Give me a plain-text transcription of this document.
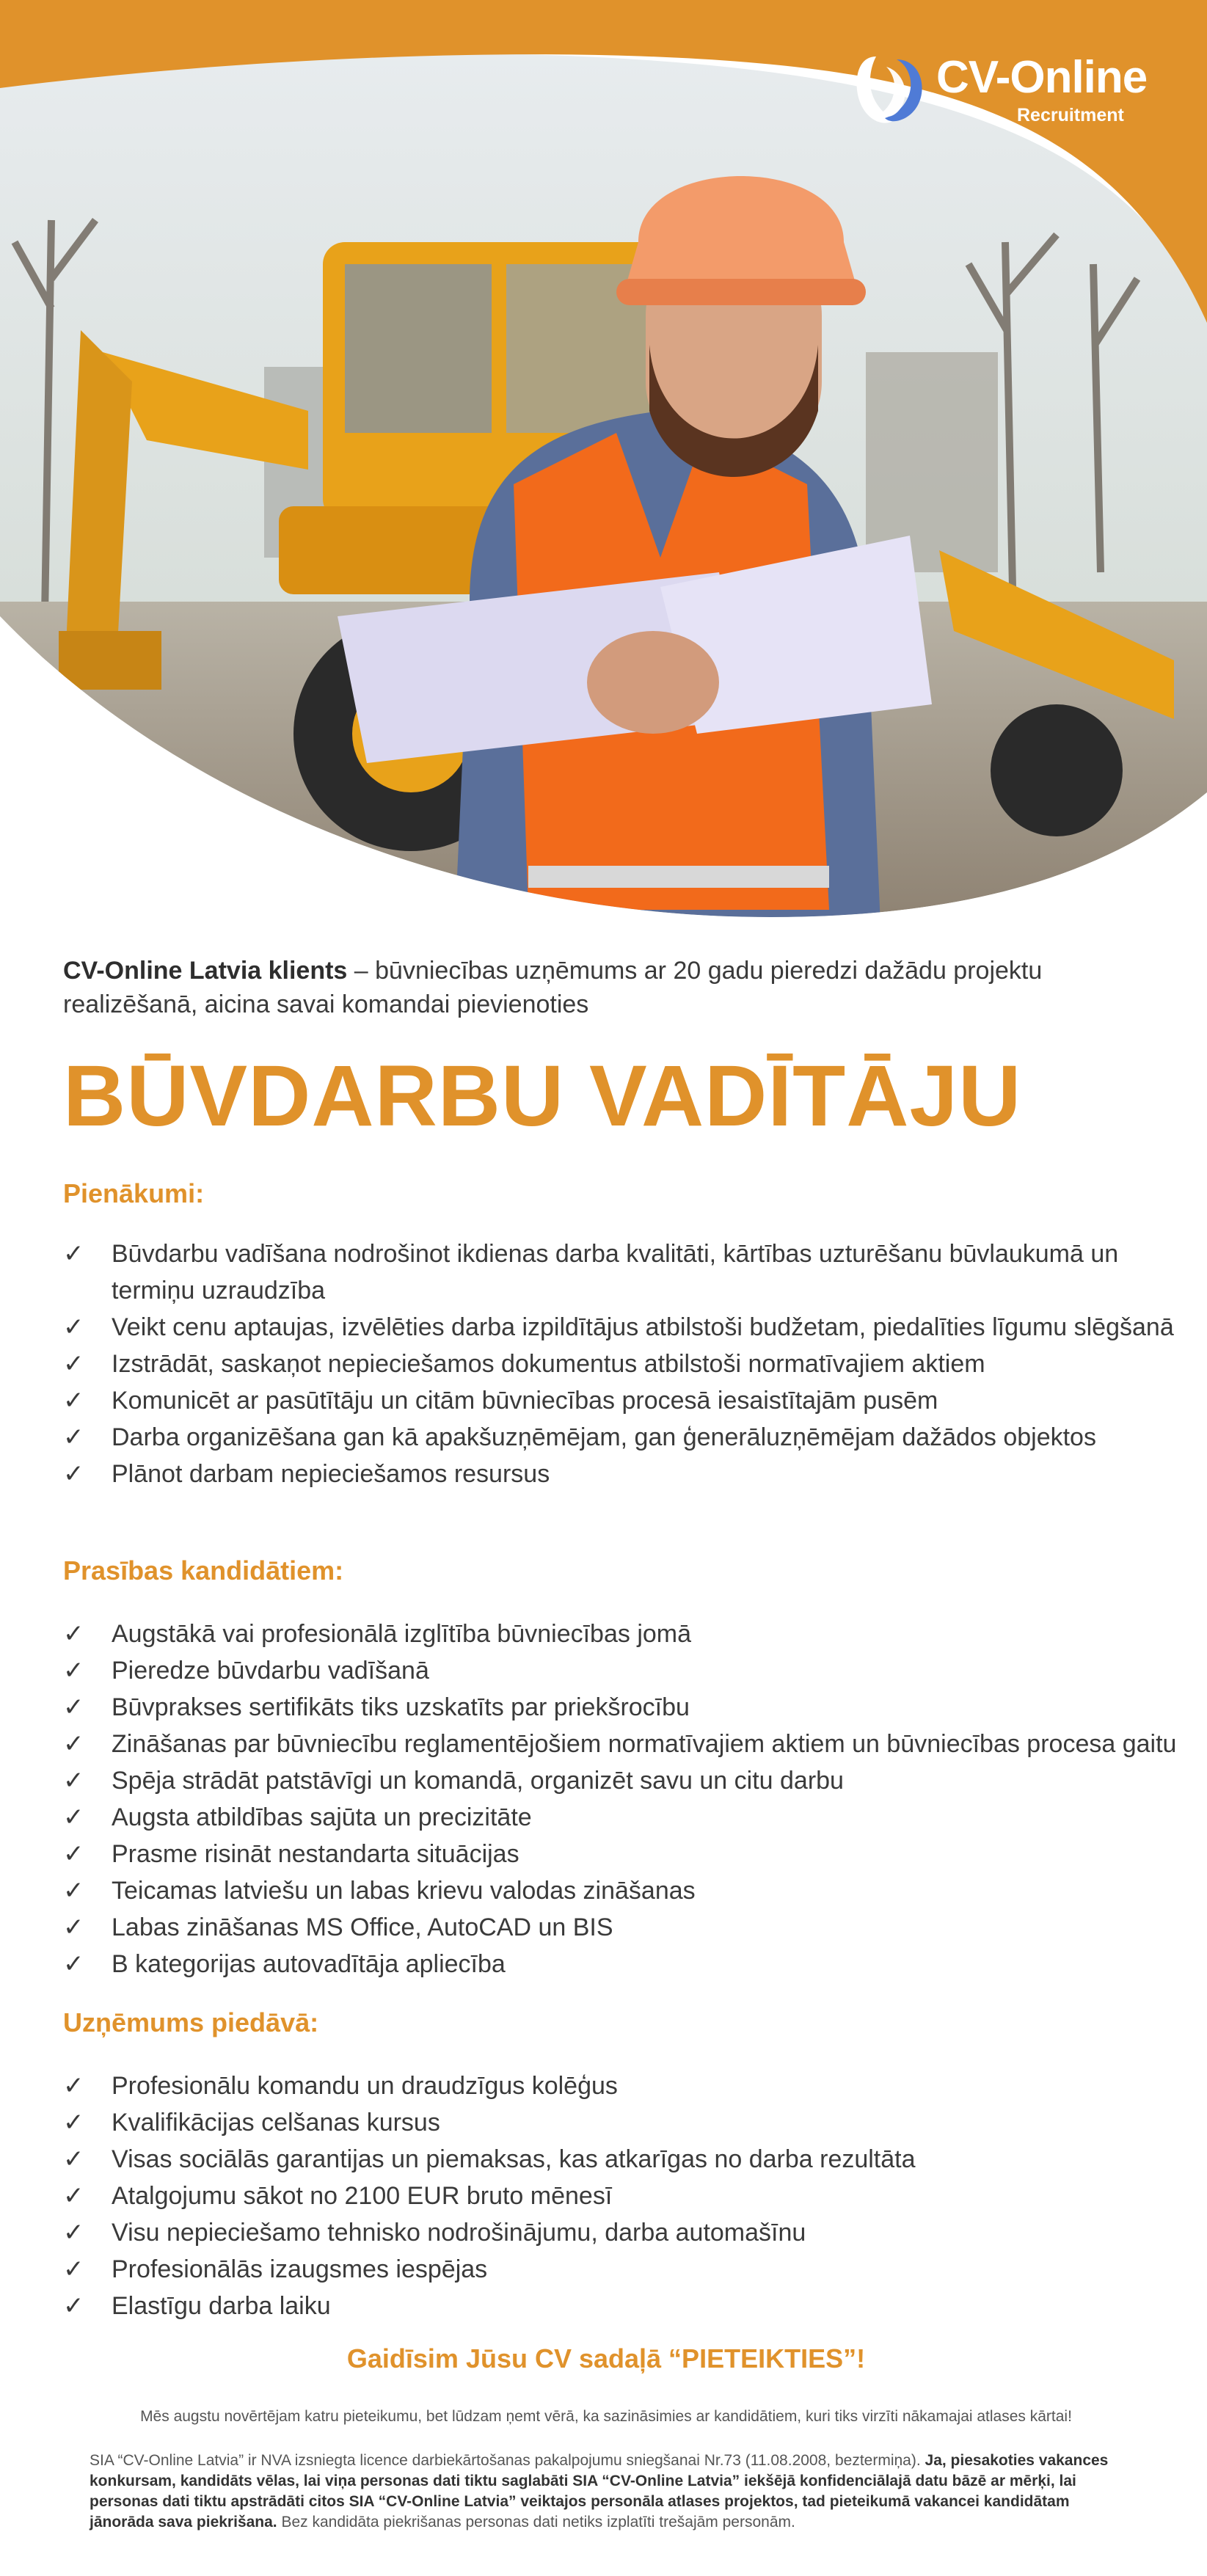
CV-Online
Recruitment

CV-Online Latvia klients – būvniecības uzņēmums ar 20 gadu pieredzi dažādu projektu realizēšanā, aicina savai komandai pievienoties

BŪVDARBU VADĪTĀJU
Pienākumi:
✓ Būvdarbu vadīšana nodrošinot ikdienas darba kvalitāti, kārtības uzturēšanu būvlaukumā un termiņu uzraudzība
✓ Veikt cenu aptaujas, izvēlēties darba izpildītājus atbilstoši budžetam, piedalīties līgumu slēgšanā
✓ Izstrādāt, saskaņot nepieciešamos dokumentus atbilstoši normatīvajiem aktiem
✓ Komunicēt ar pasūtītāju un citām būvniecības procesā iesaistītajām pusēm
✓ Darba organizēšana gan kā apakšuzņēmējam, gan ģenerāluzņēmējam dažādos objektos
✓ Plānot darbam nepieciešamos resursus
Prasības kandidātiem:
✓ Augstākā vai profesionālā izglītība būvniecības jomā
✓ Pieredze būvdarbu vadīšanā
✓ Būvprakses sertifikāts tiks uzskatīts par priekšrocību
✓ Zināšanas par būvniecību reglamentējošiem normatīvajiem aktiem un būvniecības procesa gaitu
✓ Spēja strādāt patstāvīgi un komandā, organizēt savu un citu darbu
✓ Augsta atbildības sajūta un precizitāte
✓ Prasme risināt nestandarta situācijas
✓ Teicamas latviešu un labas krievu valodas zināšanas
✓ Labas zināšanas MS Office, AutoCAD un BIS
✓ B kategorijas autovadītāja apliecība
Uzņēmums piedāvā:
✓ Profesionālu komandu un draudzīgus kolēģus
✓ Kvalifikācijas celšanas kursus
✓ Visas sociālās garantijas un piemaksas, kas atkarīgas no darba rezultāta
✓ Atalgojumu sākot no 2100 EUR bruto mēnesī
✓ Visu nepieciešamo tehnisko nodrošinājumu, darba automašīnu
✓ Profesionālās izaugsmes iespējas
✓ Elastīgu darba laiku

Gaidīsim Jūsu CV sadaļā “PIETEIKTIES”!

Mēs augstu novērtējam katru pieteikumu, bet lūdzam ņemt vērā, ka sazināsimies ar kandidātiem, kuri tiks virzīti nākamajai atlases kārtai!

SIA “CV-Online Latvia” ir NVA izsniegta licence darbiekārtošanas pakalpojumu sniegšanai Nr.73 (11.08.2008, beztermiņa). Ja, piesakoties vakances konkursam, kandidāts vēlas, lai viņa personas dati tiktu saglabāti SIA “CV-Online Latvia” iekšējā konfidenciālajā datu bāzē ar mērķi, lai personas dati tiktu apstrādāti citos SIA “CV-Online Latvia” veiktajos personāla atlases projektos, tad pieteikumā vakancei kandidātam jānorāda sava piekrišana. Bez kandidāta piekrišanas personas dati netiks izplatīti trešajām personām.
